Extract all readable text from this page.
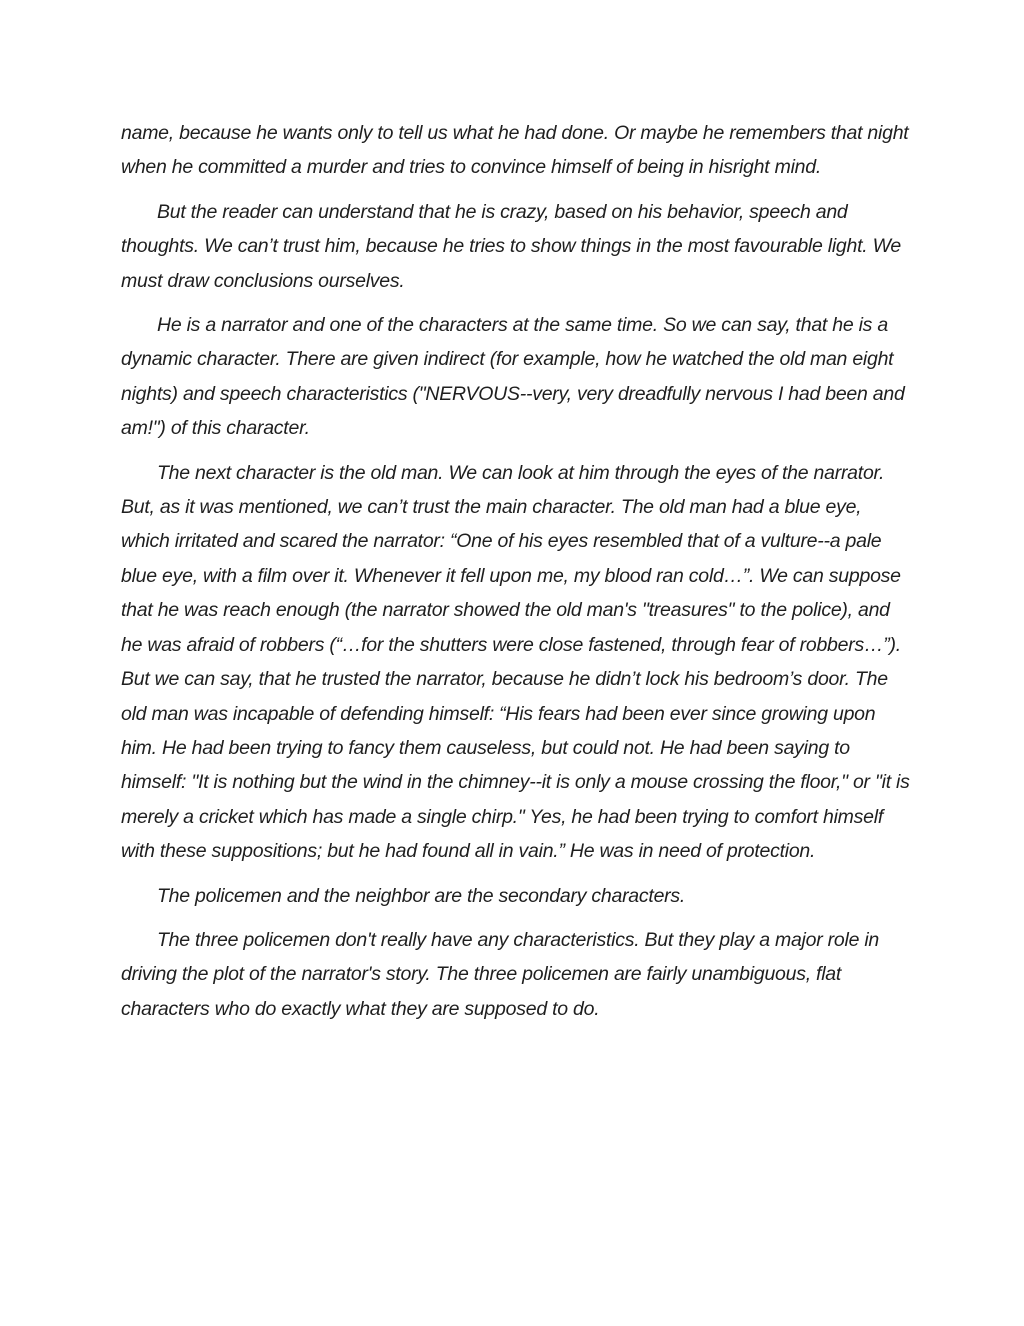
name, because he wants only to tell us what he had done. Or maybe he remembers that night when he committed a murder and tries to convince himself of being in hisright mind.

But the reader can understand that he is crazy, based on his behavior, speech and thoughts. We can’t trust him, because he tries to show things in the most favourable light. We must draw conclusions ourselves.

He is a narrator and one of the characters at the same time. So we can say, that he is a dynamic character. There are given indirect (for example, how he watched the old man eight nights) and speech characteristics ("NERVOUS--very, very dreadfully nervous I had been and am!") of this character.

The next character is the old man. We can look at him through the eyes of the narrator. But, as it was mentioned, we can’t trust the main character. The old man had a blue eye, which irritated and scared the narrator: “One of his eyes resembled that of a vulture--a pale blue eye, with a film over it. Whenever it fell upon me, my blood ran cold…”. We can suppose that he was reach enough (the narrator showed the old man's "treasures" to the police), and he was afraid of robbers (“…for the shutters were close fastened, through fear of robbers…”). But we can say, that he trusted the narrator, because he didn’t lock his bedroom’s door. The old man was incapable of defending himself: “His fears had been ever since growing upon him. He had been trying to fancy them causeless, but could not. He had been saying to himself: "It is nothing but the wind in the chimney--it is only a mouse crossing the floor," or "it is merely a cricket which has made a single chirp." Yes, he had been trying to comfort himself with these suppositions; but he had found all in vain.” He was in need of protection.

The policemen and the neighbor are the secondary characters.

The three policemen don't really have any characteristics. But they play a major role in driving the plot of the narrator's story. The three policemen are fairly unambiguous, flat characters who do exactly what they are supposed to do.
